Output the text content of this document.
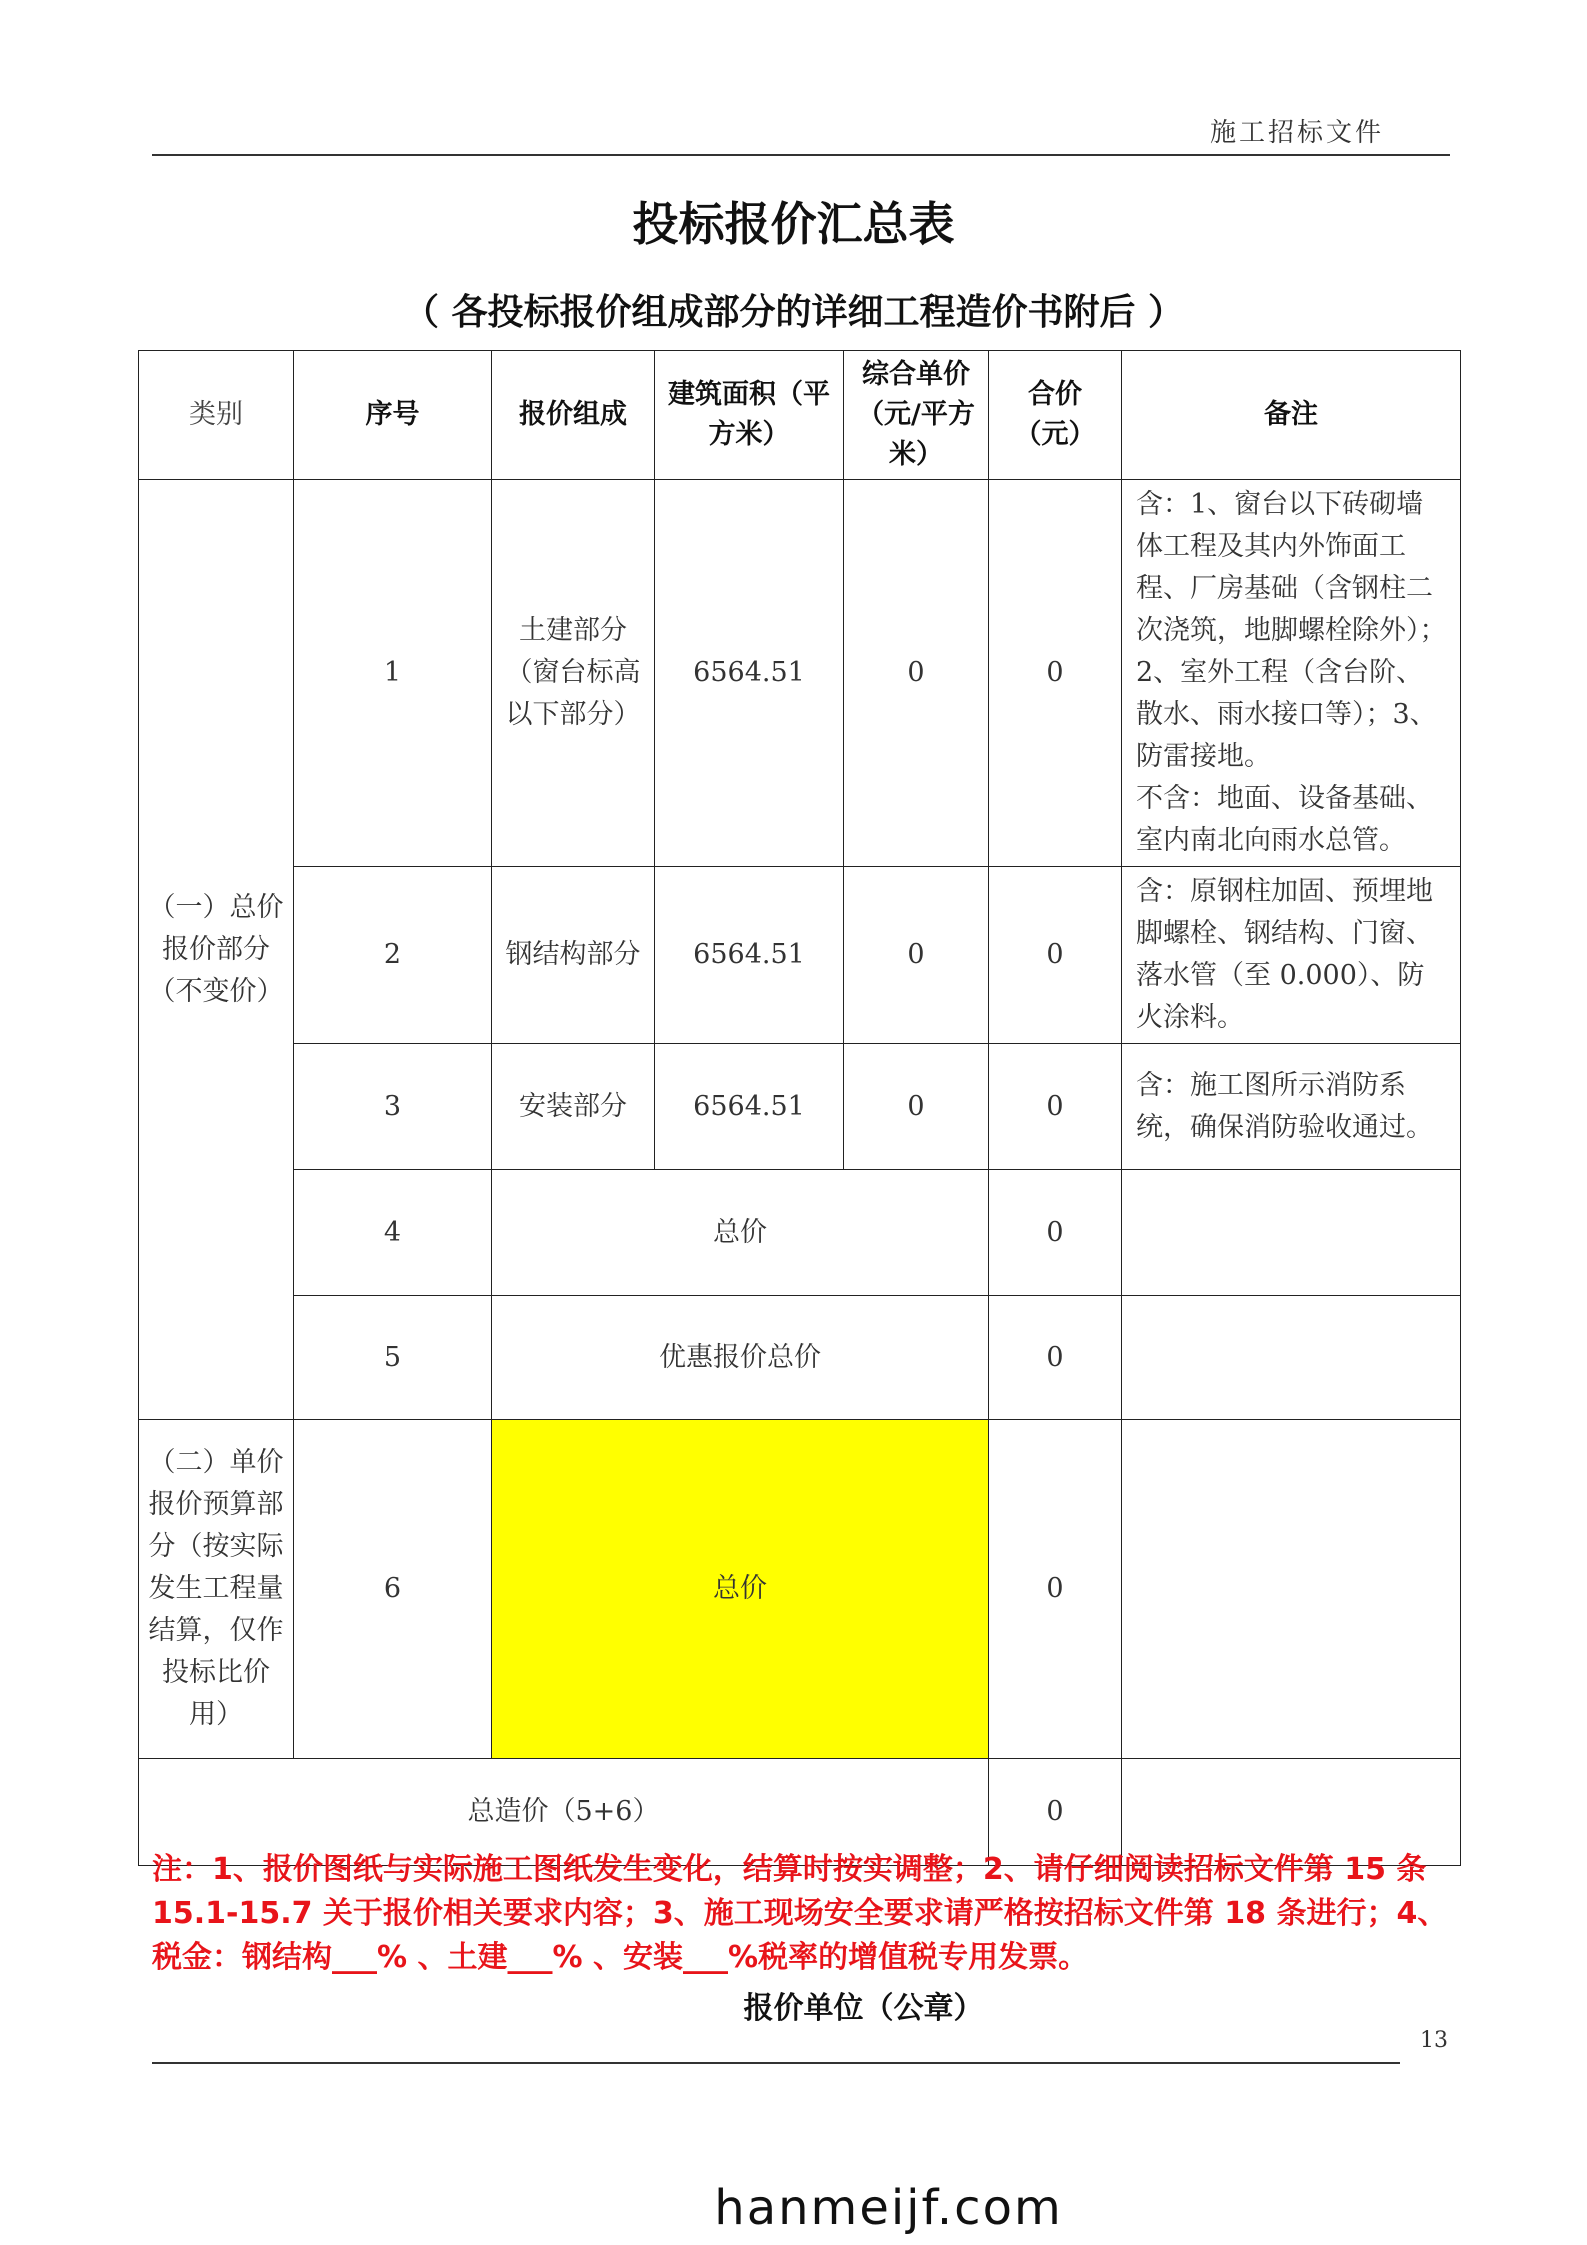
施工招标文件
投标报价汇总表
（ 各投标报价组成部分的详细工程造价书附后 ）
类别	序号	报价组成	建筑面积（平方米）	综合单价（元/平方米）	合价（元）	备注
（一）总价报价部分（不变价）	1	土建部分（窗台标高以下部分）	6564.51	0	0	含：1、窗台以下砖砌墙体工程及其内外饰面工程、厂房基础（含钢柱二次浇筑，地脚螺栓除外）；2、室外工程（含台阶、散水、雨水接口等）；3、防雷接地。
不含：地面、设备基础、室内南北向雨水总管。

	2	钢结构部分	6564.51	0	0	含：原钢柱加固、预埋地脚螺栓、钢结构、门窗、落水管（至 0.000）、防火涂料。
	3	安装部分	6564.51	0	0	含：施工图所示消防系统，确保消防验收通过。
	4	总价			0	
	5	优惠报价总价			0	
（二）单价报价预算部分（按实际发生工程量结算，仅作投标比价用）	6	总价			0	
总造价（5+6）					0	
注：1、报价图纸与实际施工图纸发生变化，结算时按实调整；2、请仔细阅读招标文件第 15 条 15.1-15.7 关于报价相关要求内容；3、施工现场安全要求请严格按招标文件第 18 条进行；4、税金：钢结构___% 、土建___% 、安装___%税率的增值税专用发票。
报价单位（公章）
13
hanmeijf.com
